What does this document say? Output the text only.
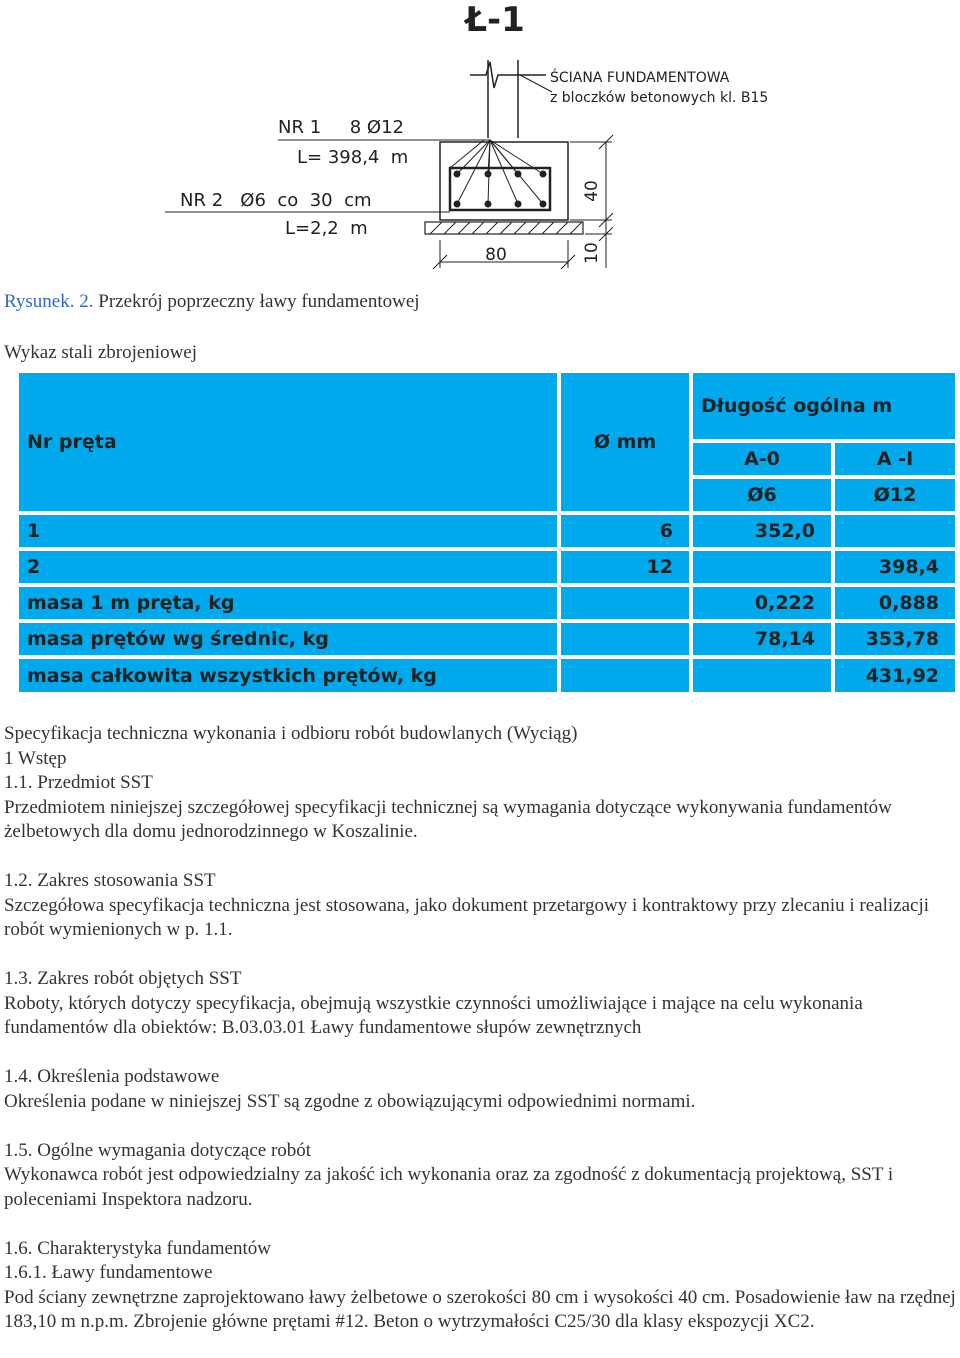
Ł-1
ŚCIANA FUNDAMENTOWA
z bloczków betonowych kl. B15
NR 1     8 Ø12
L= 398,4  m
NR 2   Ø6  co  30  cm
L=2,2  m
80
40
10
Rysunek. 2. Przekrój poprzeczny ławy fundamentowej
Wykaz stali zbrojeniowej
Nr pręta	Ø mm	Długość ogólna m	
		A-0	A -I
		Ø6	Ø12
1	6	352,0	
2	12		398,4
masa 1 m pręta, kg		0,222	0,888
masa prętów wg średnic, kg		78,14	353,78
masa całkowita wszystkich prętów, kg			431,92

Specyfikacja techniczna wykonania i odbioru robót budowlanych (Wyciąg)

1 Wstęp

1.1. Przedmiot SST

Przedmiotem niniejszej szczegółowej specyfikacji technicznej są wymagania dotyczące wykonywania fundamentów żelbetowych dla domu jednorodzinnego w Koszalinie.

1.2. Zakres stosowania SST

Szczegółowa specyfikacja techniczna jest stosowana, jako dokument przetargowy i kontraktowy przy zlecaniu i realizacji robót wymienionych w p. 1.1.

1.3. Zakres robót objętych SST

Roboty, których dotyczy specyfikacja, obejmują wszystkie czynności umożliwiające i mające na celu wykonania fundamentów dla obiektów: B.03.03.01 Ławy fundamentowe słupów zewnętrznych

1.4. Określenia podstawowe

Określenia podane w niniejszej SST są zgodne z obowiązującymi odpowiednimi normami.

1.5. Ogólne wymagania dotyczące robót

Wykonawca robót jest odpowiedzialny za jakość ich wykonania oraz za zgodność z dokumentacją projektową, SST i poleceniami Inspektora nadzoru.

1.6. Charakterystyka fundamentów

1.6.1. Ławy fundamentowe

Pod ściany zewnętrzne zaprojektowano ławy żelbetowe o szerokości 80 cm i wysokości 40 cm. Posadowienie ław na rzędnej 183,10 m n.p.m. Zbrojenie główne prętami #12. Beton o wytrzymałości C25/30 dla klasy ekspozycji XC2.
